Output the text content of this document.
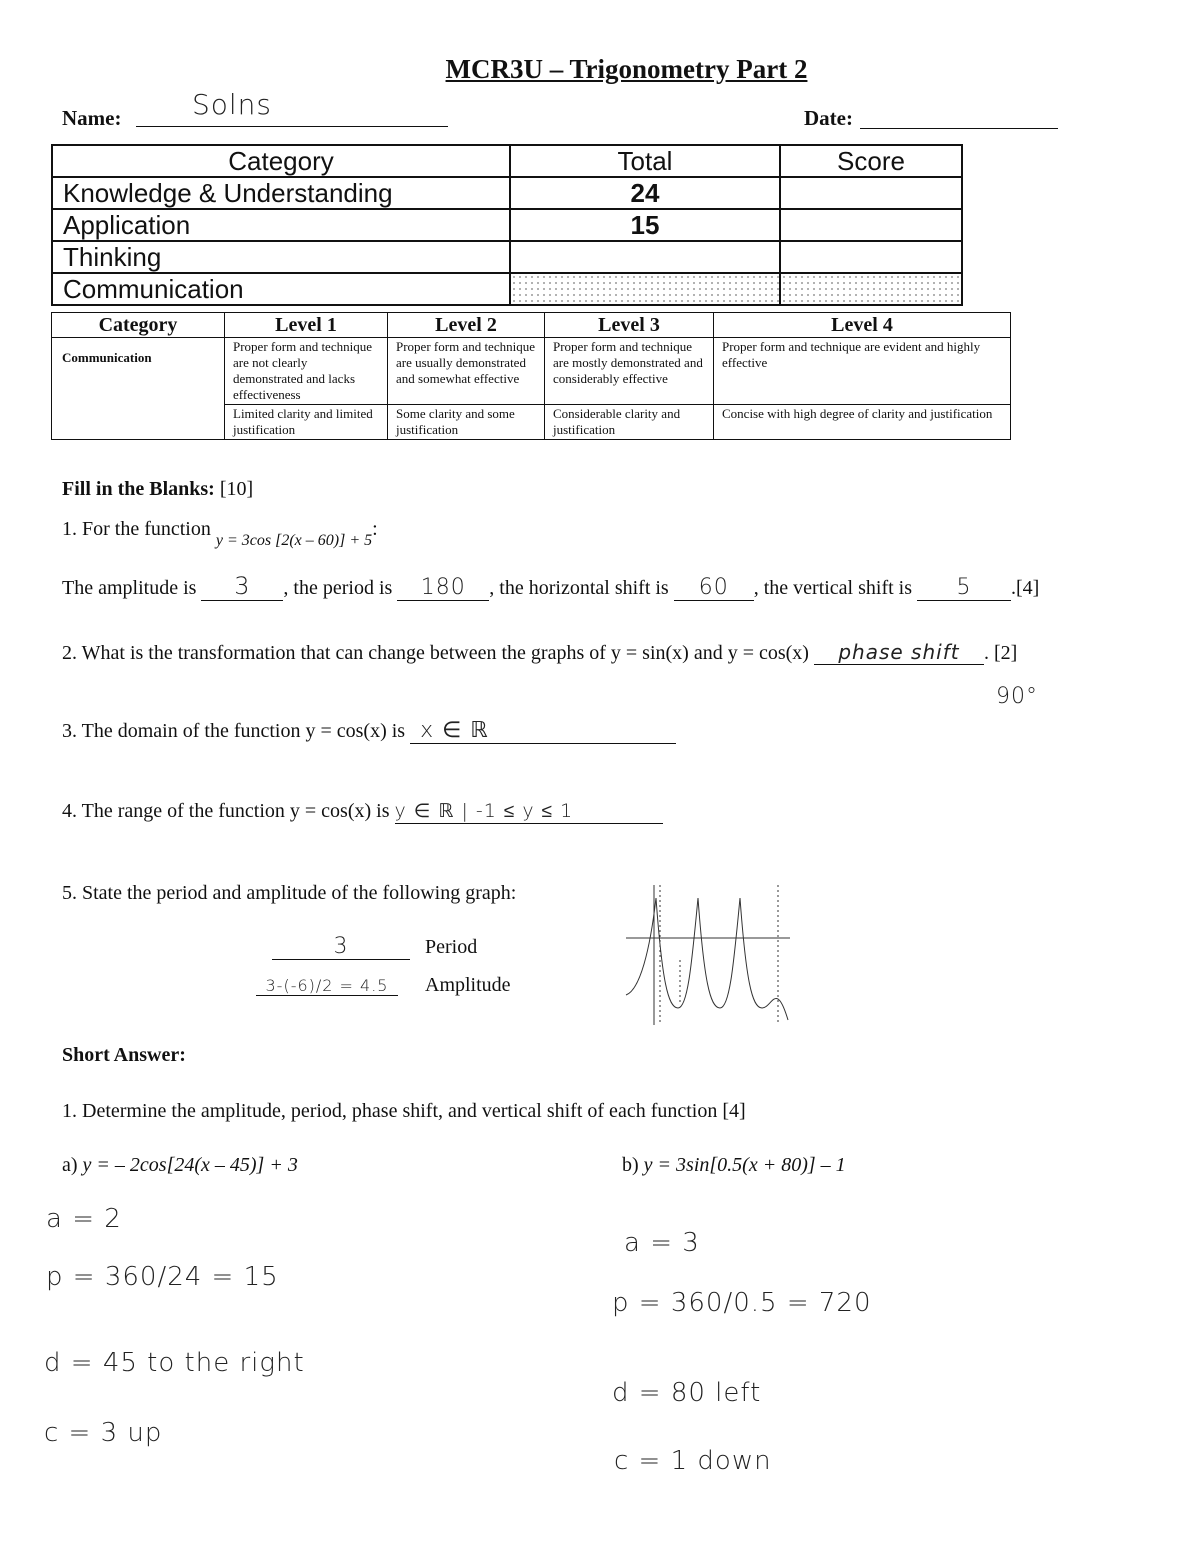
MCR3U – Trigonometry Part 2
Name:	Solns	Date:
Category	Total	Score
Knowledge & Understanding	24	
Application	15	
Thinking		
Communication		
Category	Level 1	Level 2	Level 3	Level 4
Communication	Proper form and technique are not clearly demonstrated and lacks effectiveness	Proper form and technique are usually demonstrated and somewhat effective	Proper form and technique are mostly demonstrated and considerably effective	Proper form and technique are evident and highly effective
	Limited clarity and limited justification	Some clarity and some justification	Considerable clarity and justification	Concise with high degree of clarity and justification
Fill in the Blanks: [10]
1. For the function $_{y = 3cos [2(x - 60)] + 5}$:
The amplitude is 3 , the period is 180 , the horizontal shift is 60 , the vertical shift is 5 .[4]
2. What is the transformation that can change between the graphs of y = sin(x) and y = cos(x) phase shift . [2]
90°
3. The domain of the function y = cos(x) is x ∈ ℝ
4. The range of the function y = cos(x) is y ∈ ℝ | -1 ≤ y ≤ 1
5. State the period and amplitude of the following graph:
3	Period
3-(-6)/2 = 4.5 Amplitude
Short Answer:
1. Determine the amplitude, period, phase shift, and vertical shift of each function [4]
a) y = – 2cos[24(x – 45)] + 3	b) y = 3sin[0.5(x + 80)] – 1
a = 2
p = 360/24 = 15
d = 45 to the right
c = 3 up
a = 3
p = 360/0.5 = 720
d = 80 left
c = 1 down
